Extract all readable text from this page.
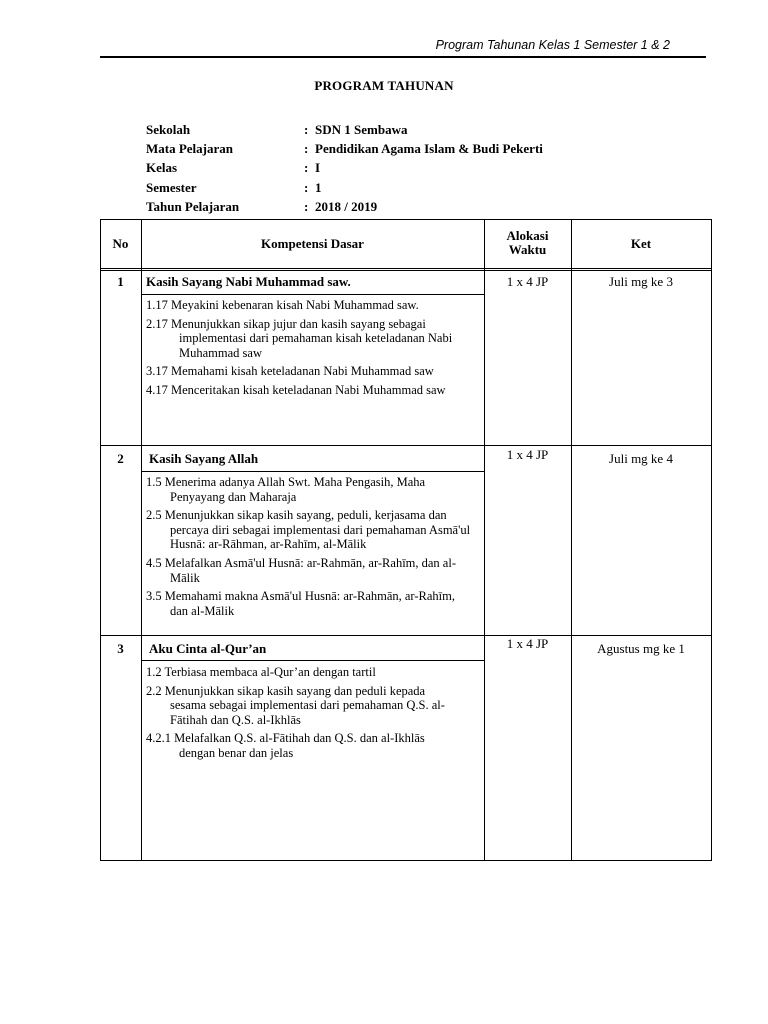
Program Tahunan Kelas 1 Semester 1 & 2
PROGRAM TAHUNAN
Sekolah	: SDN 1 Sembawa
Mata Pelajaran	: Pendidikan Agama Islam & Budi Pekerti
Kelas	: I
Semester	: 1
Tahun Pelajaran	: 2018 / 2019
No	Kompetensi Dasar
Alokasi
Waktu	Ket
1	Kasih Sayang Nabi Muhammad saw.	1 x 4 JP	Juli mg ke 3
1.17 Meyakini kebenaran kisah Nabi Muhammad saw.
2.17 Menunjukkan sikap jujur dan kasih sayang sebagai implementasi dari pemahaman kisah keteladanan Nabi Muhammad saw
3.17 Memahami kisah keteladanan Nabi Muhammad saw
4.17 Menceritakan kisah keteladanan Nabi Muhammad saw
2	Kasih Sayang Allah	1 x 4 JP	Juli mg ke 4
1.5 Menerima adanya Allah Swt. Maha Pengasih, Maha Penyayang dan Maharaja
2.5 Menunjukkan sikap kasih sayang, peduli, kerjasama dan percaya diri sebagai implementasi dari pemahaman Asmā'ul Husnā: ar-Rāhman, ar-Rahīm, al-Mālik
4.5 Melafalkan Asmā'ul Husnā: ar-Rahmān, ar-Rahīm, dan al-Mālik
3.5 Memahami makna Asmā'ul Husnā: ar-Rahmān, ar-Rahīm, dan al-Mālik
3	Aku Cinta al-Qur’an	1 x 4 JP	Agustus mg ke 1
1.2 Terbiasa membaca al-Qur’an dengan tartil
2.2 Menunjukkan sikap kasih sayang dan peduli kepada sesama sebagai implementasi dari pemahaman Q.S. al-Fātihah dan Q.S. al-Ikhlās
4.2.1 Melafalkan Q.S. al-Fātihah dan Q.S. dan al-Ikhlās dengan benar dan jelas
